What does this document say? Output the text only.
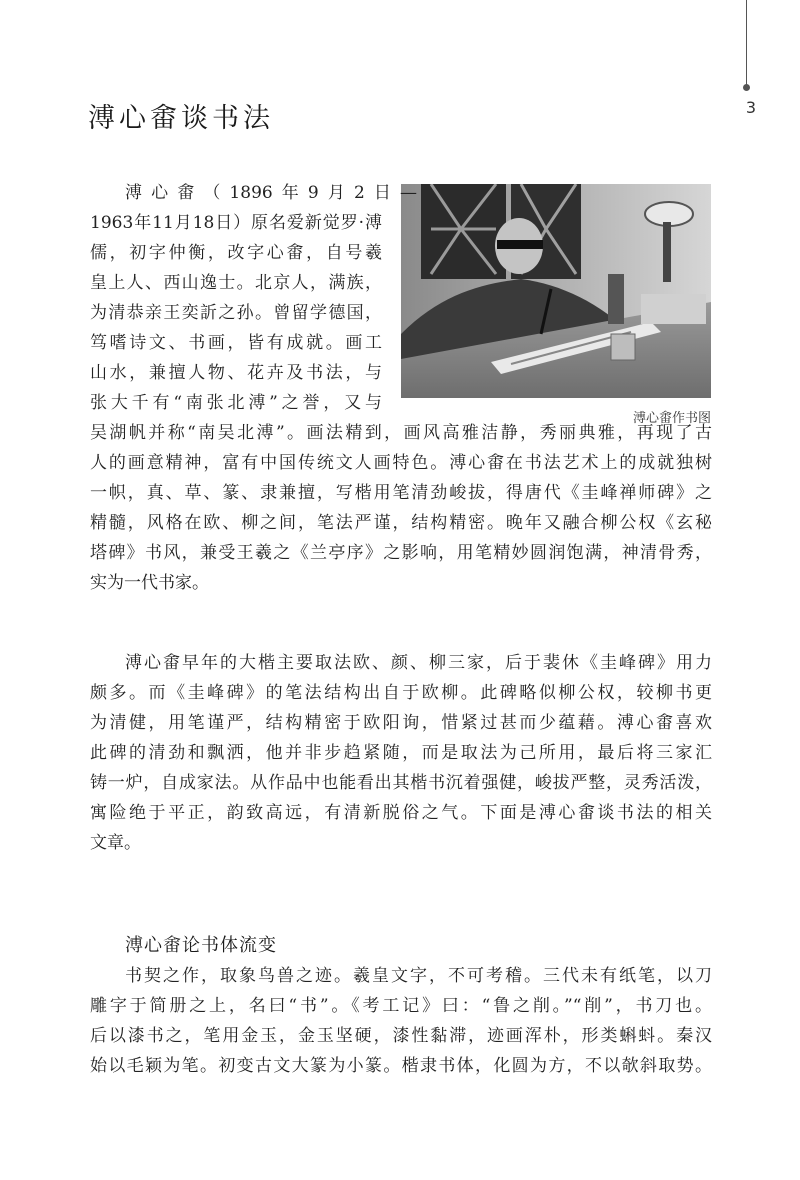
3
溥心畬谈书法
溥心畬作书图
溥心畬（1896年9月2日—
1963年11月18日）原名爱新觉罗·溥
儒，初字仲衡，改字心畬，自号羲
皇上人、西山逸士。北京人，满族，
为清恭亲王奕訢之孙。曾留学德国，
笃嗜诗文、书画，皆有成就。画工
山水，兼擅人物、花卉及书法，与
张大千有“南张北溥”之誉，又与
吴湖帆并称“南吴北溥”。画法精到，画风高雅洁静，秀丽典雅，再现了古
人的画意精神，富有中国传统文人画特色。溥心畬在书法艺术上的成就独树
一帜，真、草、篆、隶兼擅，写楷用笔清劲峻拔，得唐代《圭峰禅师碑》之
精髓，风格在欧、柳之间，笔法严谨，结构精密。晚年又融合柳公权《玄秘
塔碑》书风，兼受王羲之《兰亭序》之影响，用笔精妙圆润饱满，神清骨秀，
实为一代书家。
溥心畬早年的大楷主要取法欧、颜、柳三家，后于裴休《圭峰碑》用力
颇多。而《圭峰碑》的笔法结构出自于欧柳。此碑略似柳公权，较柳书更
为清健，用笔谨严，结构精密于欧阳询，惜紧过甚而少蕴藉。溥心畬喜欢
此碑的清劲和飘洒，他并非步趋紧随，而是取法为己所用，最后将三家汇
铸一炉，自成家法。从作品中也能看出其楷书沉着强健，峻拔严整，灵秀活泼，
寓险绝于平正，韵致高远，有清新脱俗之气。下面是溥心畬谈书法的相关
文章。
溥心畬论书体流变
书契之作，取象鸟兽之迹。羲皇文字，不可考稽。三代未有纸笔，以刀
雕字于简册之上，名曰“书”。《考工记》曰：“鲁之削。”“削”，书刀也。
后以漆书之，笔用金玉，金玉坚硬，漆性黏滞，迹画浑朴，形类蝌蚪。秦汉
始以毛颖为笔。初变古文大篆为小篆。楷隶书体，化圆为方，不以欹斜取势。
